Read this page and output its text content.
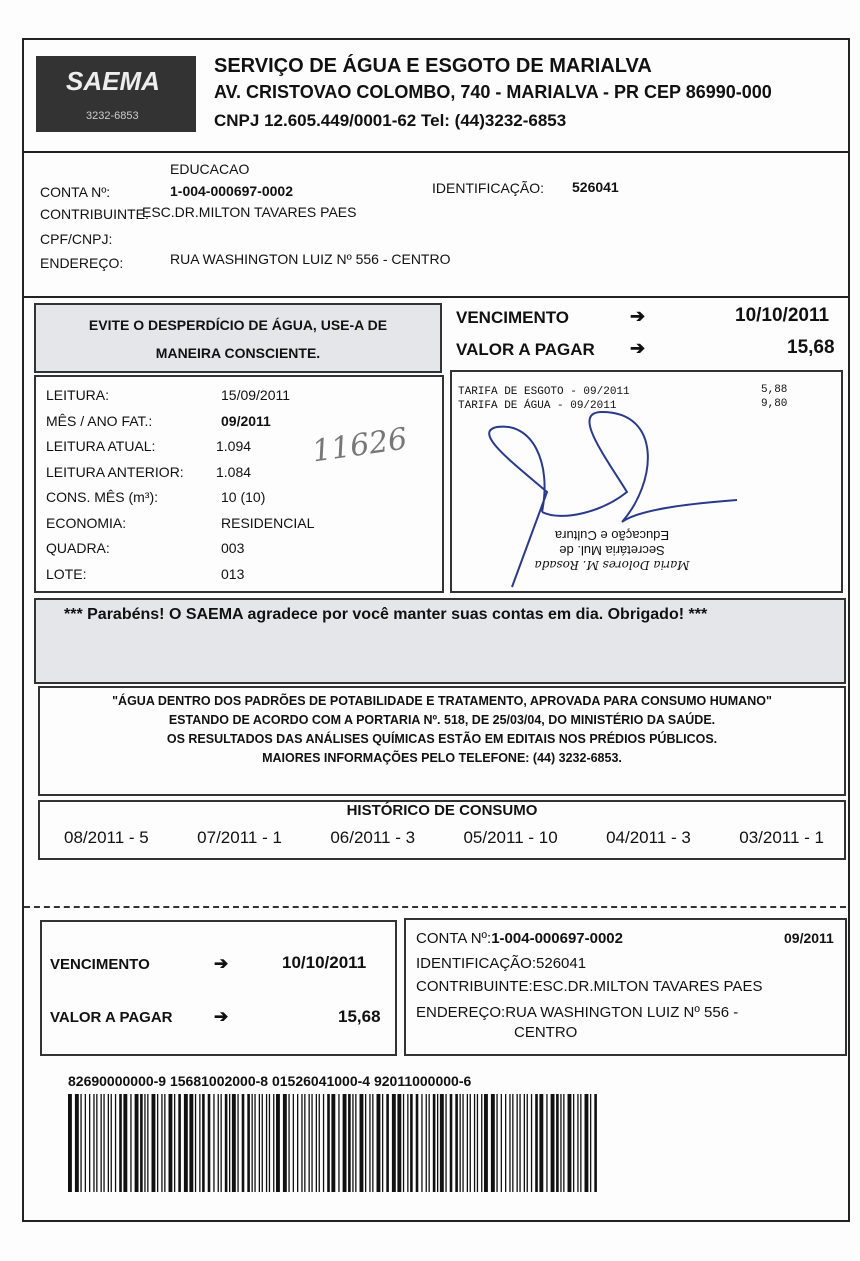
SAEMA
3232-6853
SERVIÇO DE ÁGUA E ESGOTO DE MARIALVA
AV. CRISTOVAO COLOMBO, 740 - MARIALVA - PR CEP 86990-000
CNPJ 12.605.449/0001-62 Tel: (44)3232-6853
EDUCACAO
CONTA Nº:	1-004-000697-0002	IDENTIFICAÇÃO: 526041
CONTRIBUINTE:
ESC.DR.MILTON TAVARES PAES
CPF/CNPJ:
ENDEREÇO:	RUA WASHINGTON LUIZ Nº 556 - CENTRO
EVITE O DESPERDÍCIO DE ÁGUA, USE-A DE
MANEIRA CONSCIENTE.
VENCIMENTO	➔	10/10/2011
VALOR A PAGAR ➔	15,68
LEITURA:	15/09/2011
MÊS / ANO FAT.:	09/2011
LEITURA ATUAL:	1.094
LEITURA ANTERIOR: 1.084
CONS. MÊS (m³):	10 (10)
ECONOMIA:	RESIDENCIAL
QUADRA:	003
LOTE:	013
11626
TARIFA DE ESGOTO - 09/2011	5,88
TARIFA DE ÁGUA - 09/2011	9,80
Maria Dolores M. Rosada
Secretária Mul. de
Educação e Cultura
*** Parabéns! O SAEMA agradece por você manter suas contas em dia. Obrigado! ***
"ÁGUA DENTRO DOS PADRÕES DE POTABILIDADE E TRATAMENTO, APROVADA PARA CONSUMO HUMANO"
ESTANDO DE ACORDO COM A PORTARIA Nº. 518, DE 25/03/04, DO MINISTÉRIO DA SAÚDE.
OS RESULTADOS DAS ANÁLISES QUÍMICAS ESTÃO EM EDITAIS NOS PRÉDIOS PÚBLICOS.
MAIORES INFORMAÇÕES PELO TELEFONE: (44) 3232-6853.
HISTÓRICO DE CONSUMO
08/2011 - 5	07/2011 - 1	06/2011 - 3	05/2011 - 10	04/2011 - 3	03/2011 - 1
VENCIMENTO	➔	10/10/2011
VALOR A PAGAR ➔	15,68
CONTA Nº:1-004-000697-0002	09/2011
IDENTIFICAÇÃO:526041
CONTRIBUINTE:ESC.DR.MILTON TAVARES PAES
ENDEREÇO:RUA WASHINGTON LUIZ Nº 556 -
CENTRO
82690000000-9 15681002000-8 01526041000-4 92011000000-6
